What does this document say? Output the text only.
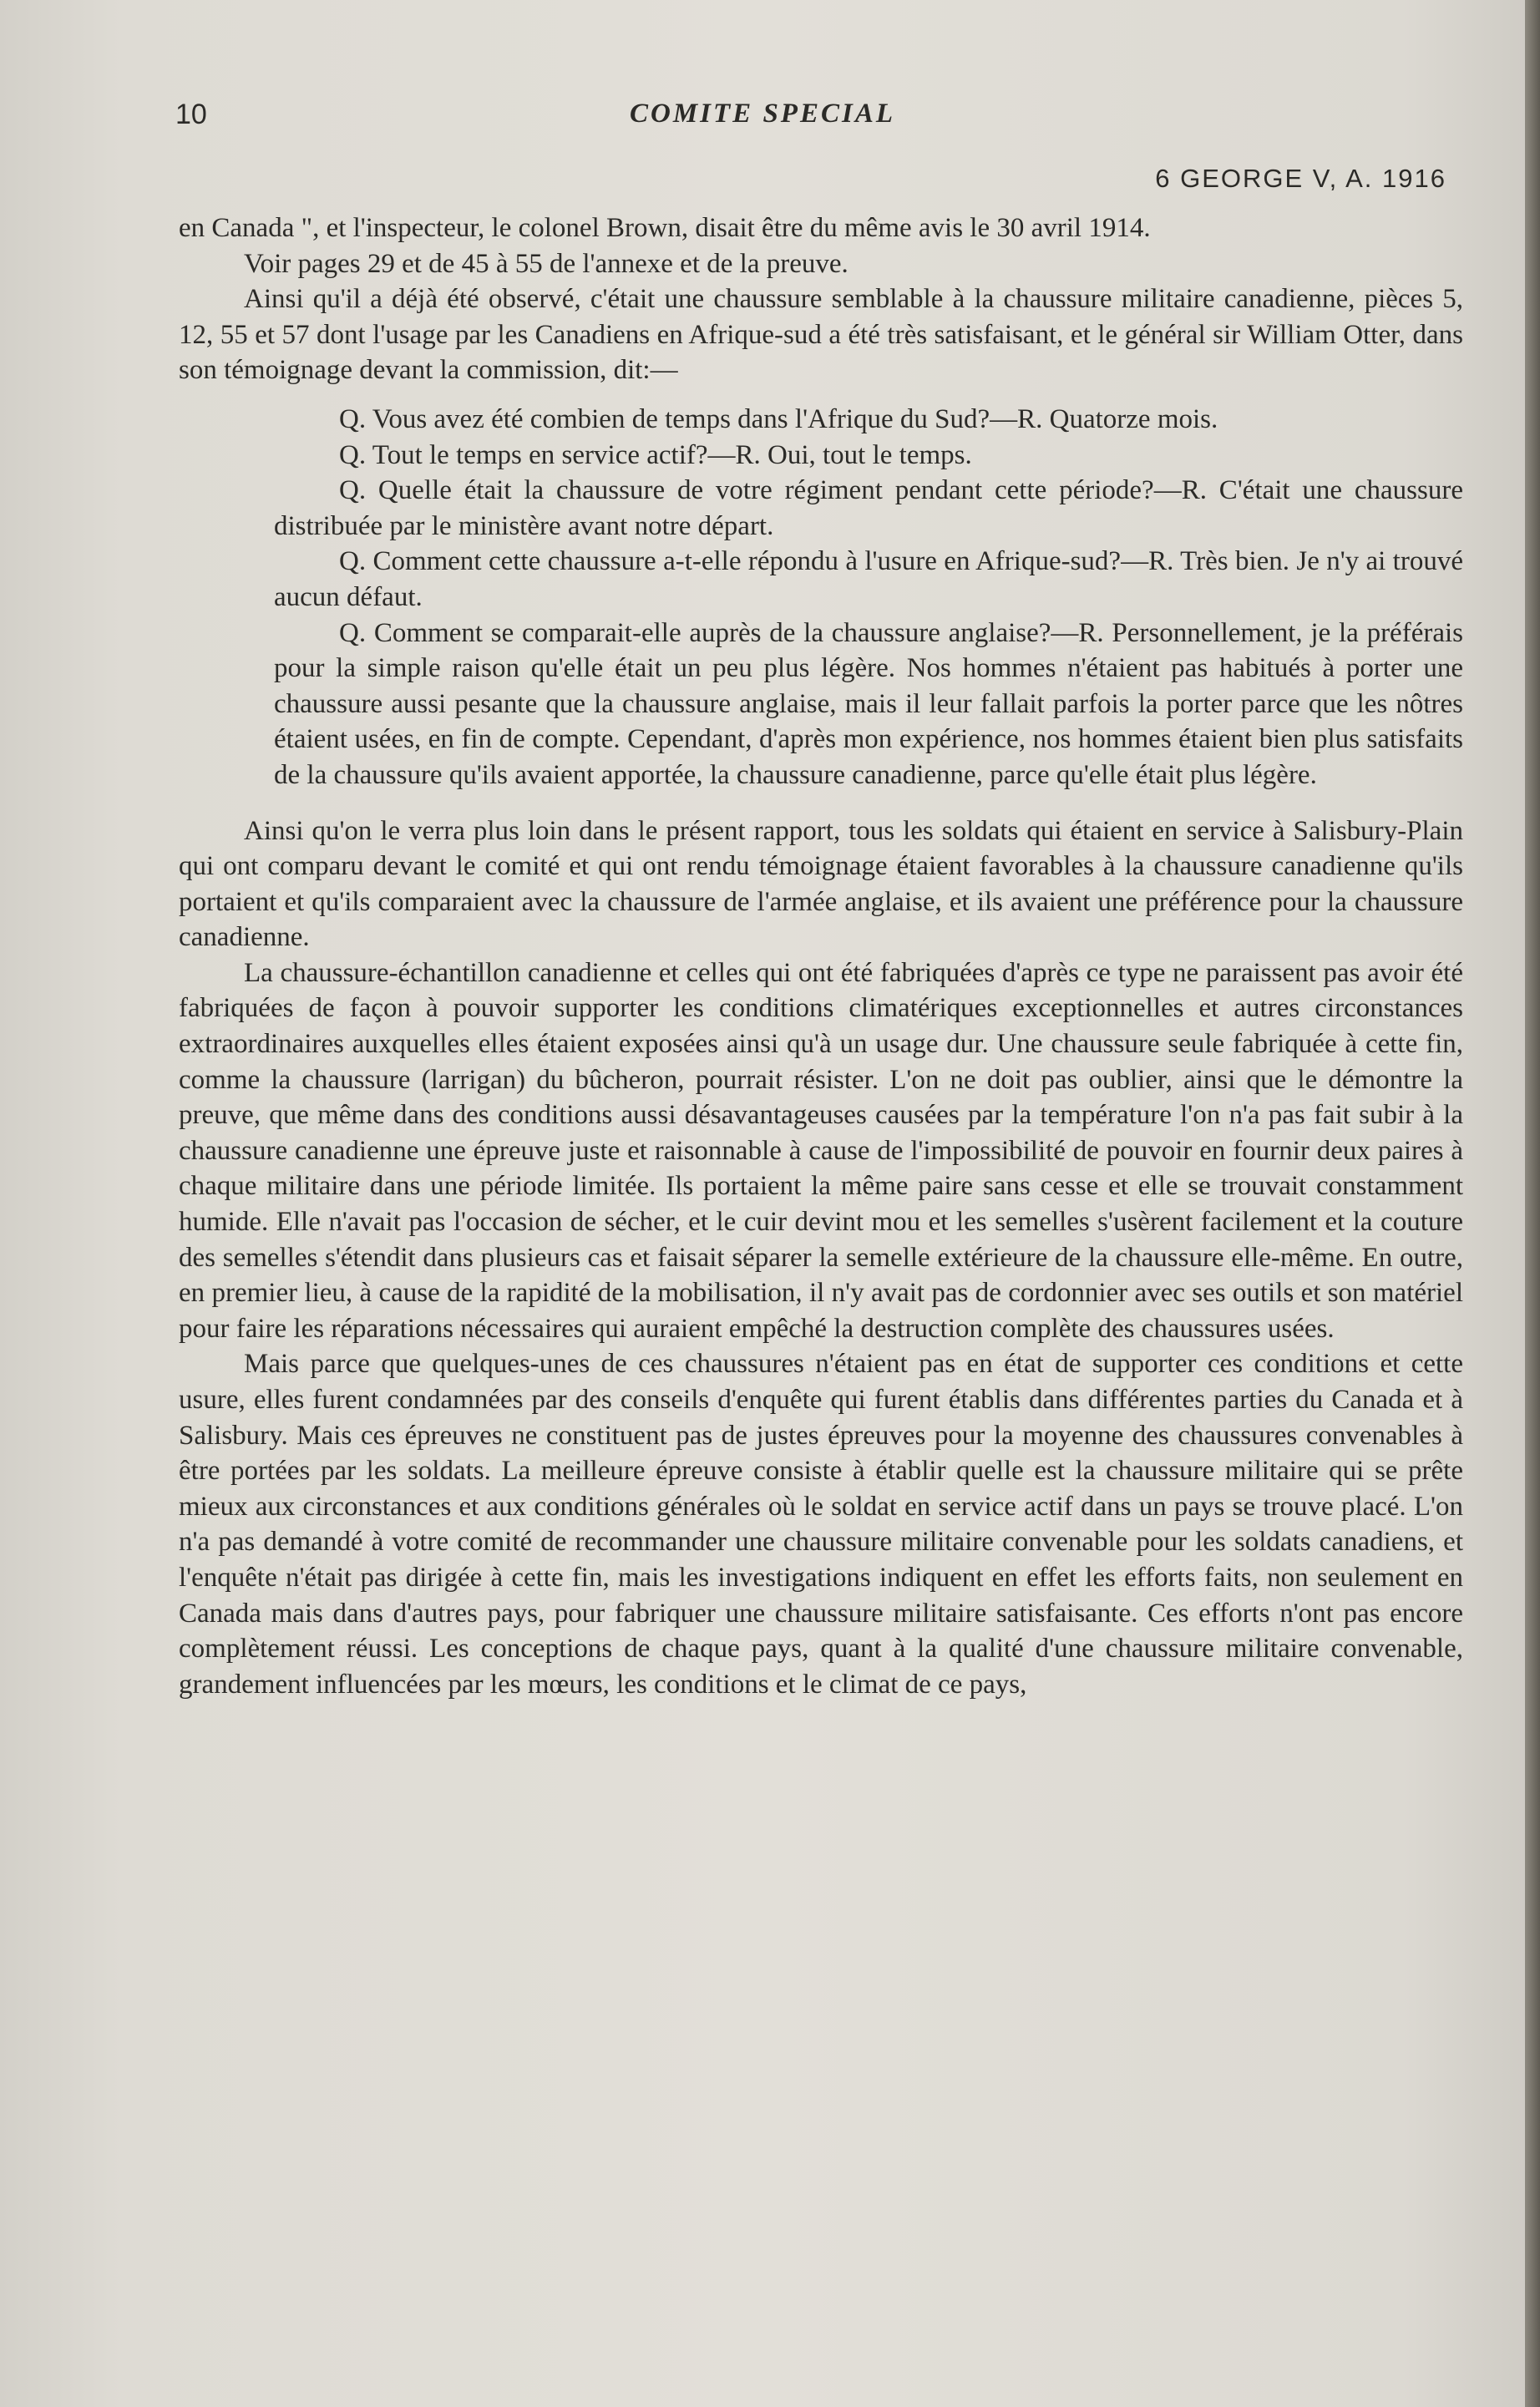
10	COMITE SPECIAL
6 GEORGE V, A. 1916

en Canada ", et l'inspecteur, le colonel Brown, disait être du même avis le 30 avril 1914.

Voir pages 29 et de 45 à 55 de l'annexe et de la preuve.

Ainsi qu'il a déjà été observé, c'était une chaussure semblable à la chaussure militaire canadienne, pièces 5, 12, 55 et 57 dont l'usage par les Canadiens en Afrique-sud a été très satisfaisant, et le général sir William Otter, dans son témoignage devant la commission, dit:—

Q. Vous avez été combien de temps dans l'Afrique du Sud?—R. Quatorze mois.

Q. Tout le temps en service actif?—R. Oui, tout le temps.

Q. Quelle était la chaussure de votre régiment pendant cette période?—R. C'était une chaussure distribuée par le ministère avant notre départ.

Q. Comment cette chaussure a-t-elle répondu à l'usure en Afrique-sud?—R. Très bien. Je n'y ai trouvé aucun défaut.

Q. Comment se comparait-elle auprès de la chaussure anglaise?—R. Personnellement, je la préférais pour la simple raison qu'elle était un peu plus légère. Nos hommes n'étaient pas habitués à porter une chaussure aussi pesante que la chaussure anglaise, mais il leur fallait parfois la porter parce que les nôtres étaient usées, en fin de compte. Cependant, d'après mon expérience, nos hommes étaient bien plus satisfaits de la chaussure qu'ils avaient apportée, la chaussure canadienne, parce qu'elle était plus légère.

Ainsi qu'on le verra plus loin dans le présent rapport, tous les soldats qui étaient en service à Salisbury-Plain qui ont comparu devant le comité et qui ont rendu témoignage étaient favorables à la chaussure canadienne qu'ils portaient et qu'ils comparaient avec la chaussure de l'armée anglaise, et ils avaient une préférence pour la chaussure canadienne.

La chaussure-échantillon canadienne et celles qui ont été fabriquées d'après ce type ne paraissent pas avoir été fabriquées de façon à pouvoir supporter les conditions climatériques exceptionnelles et autres circonstances extraordinaires auxquelles elles étaient exposées ainsi qu'à un usage dur. Une chaussure seule fabriquée à cette fin, comme la chaussure (larrigan) du bûcheron, pourrait résister. L'on ne doit pas oublier, ainsi que le démontre la preuve, que même dans des conditions aussi désavantageuses causées par la température l'on n'a pas fait subir à la chaussure canadienne une épreuve juste et raisonnable à cause de l'impossibilité de pouvoir en fournir deux paires à chaque militaire dans une période limitée. Ils portaient la même paire sans cesse et elle se trouvait constamment humide. Elle n'avait pas l'occasion de sécher, et le cuir devint mou et les semelles s'usèrent facilement et la couture des semelles s'étendit dans plusieurs cas et faisait séparer la semelle extérieure de la chaussure elle-même. En outre, en premier lieu, à cause de la rapidité de la mobilisation, il n'y avait pas de cordonnier avec ses outils et son matériel pour faire les réparations nécessaires qui auraient empêché la destruction complète des chaussures usées.

Mais parce que quelques-unes de ces chaussures n'étaient pas en état de supporter ces conditions et cette usure, elles furent condamnées par des conseils d'enquête qui furent établis dans différentes parties du Canada et à Salisbury. Mais ces épreuves ne constituent pas de justes épreuves pour la moyenne des chaussures convenables à être portées par les soldats. La meilleure épreuve consiste à établir quelle est la chaussure militaire qui se prête mieux aux circonstances et aux conditions générales où le soldat en service actif dans un pays se trouve placé. L'on n'a pas demandé à votre comité de recommander une chaussure militaire convenable pour les soldats canadiens, et l'enquête n'était pas dirigée à cette fin, mais les investigations indiquent en effet les efforts faits, non seulement en Canada mais dans d'autres pays, pour fabriquer une chaussure militaire satisfaisante. Ces efforts n'ont pas encore complètement réussi. Les conceptions de chaque pays, quant à la qualité d'une chaussure militaire convenable, grandement influencées par les mœurs, les conditions et le climat de ce pays,
